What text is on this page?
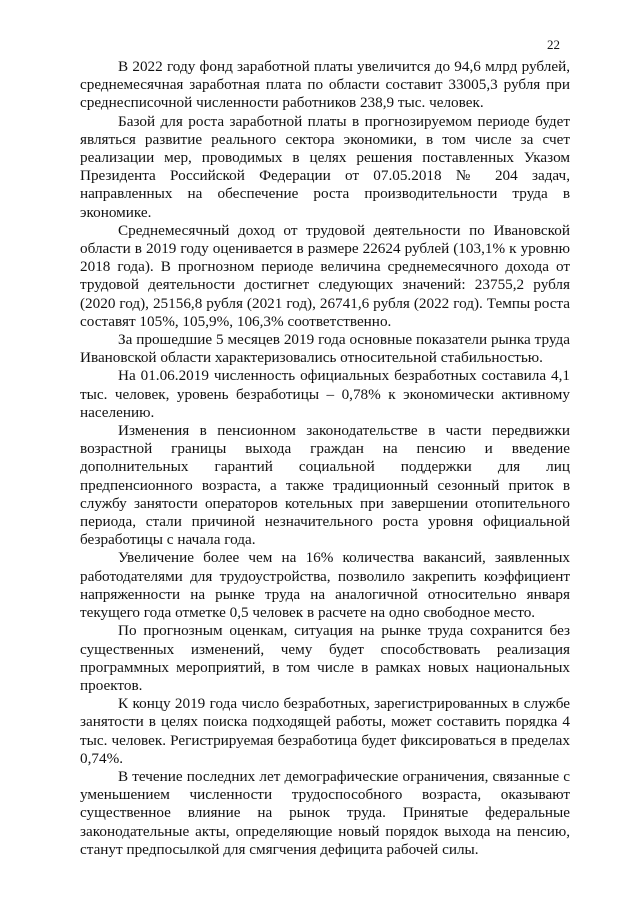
22

В 2022 году фонд заработной платы увеличится до 94,6 млрд рублей, среднемесячная заработная плата по области составит 33005,3 рубля при среднесписочной численности работников 238,9 тыс. человек.

Базой для роста заработной платы в прогнозируемом периоде будет являться развитие реального сектора экономики, в том числе за счет реализации мер, проводимых в целях решения поставленных Указом Президента Российской Федерации от 07.05.2018 № 204 задач, направленных на обеспечение роста производительности труда в экономике.

Среднемесячный доход от трудовой деятельности по Ивановской области в 2019 году оценивается в размере 22624 рублей (103,1% к уровню 2018 года). В прогнозном периоде величина среднемесячного дохода от трудовой деятельности достигнет следующих значений: 23755,2 рубля (2020 год), 25156,8 рубля (2021 год), 26741,6 рубля (2022 год). Темпы роста составят 105%, 105,9%, 106,3% соответственно.

За прошедшие 5 месяцев 2019 года основные показатели рынка труда Ивановской области характеризовались относительной стабильностью.

На 01.06.2019 численность официальных безработных составила 4,1 тыс. человек, уровень безработицы – 0,78% к экономически активному населению.

Изменения в пенсионном законодательстве в части передвижки возрастной границы выхода граждан на пенсию и введение дополнительных гарантий социальной поддержки для лиц предпенсионного возраста, а также традиционный сезонный приток в службу занятости операторов котельных при завершении отопительного периода, стали причиной незначительного роста уровня официальной безработицы с начала года.

Увеличение более чем на 16% количества вакансий, заявленных работодателями для трудоустройства, позволило закрепить коэффициент напряженности на рынке труда на аналогичной относительно января текущего года отметке 0,5 человек в расчете на одно свободное место.

По прогнозным оценкам, ситуация на рынке труда сохранится без существенных изменений, чему будет способствовать реализация программных мероприятий, в том числе в рамках новых национальных проектов.

К концу 2019 года число безработных, зарегистрированных в службе занятости в целях поиска подходящей работы, может составить порядка 4 тыс. человек. Регистрируемая безработица будет фиксироваться в пределах 0,74%.

В течение последних лет демографические ограничения, связанные с уменьшением численности трудоспособного возраста, оказывают существенное влияние на рынок труда. Принятые федеральные законодательные акты, определяющие новый порядок выхода на пенсию, станут предпосылкой для смягчения дефицита рабочей силы.
